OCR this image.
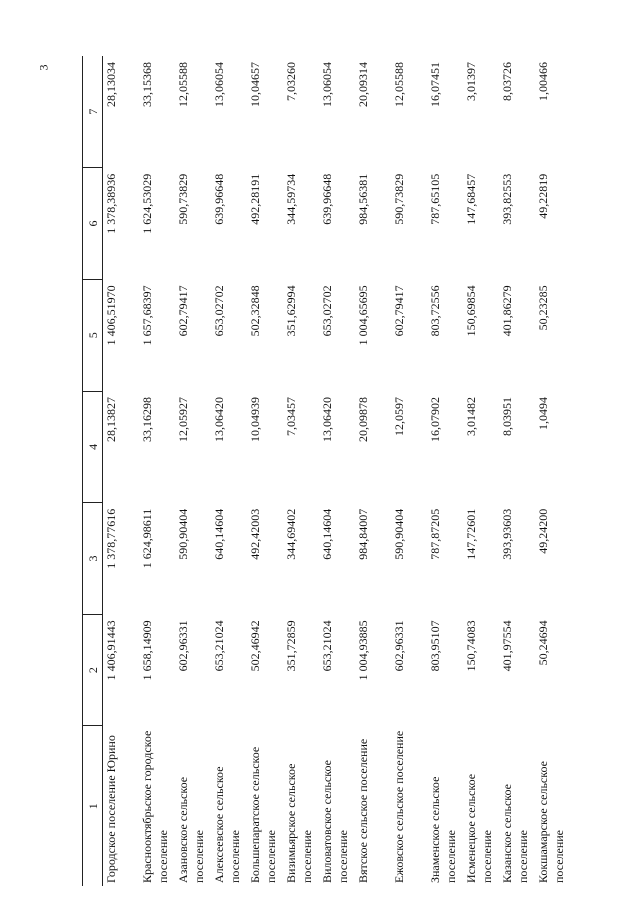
3
1	2	3	4	5	6	7
Городское поселение Юрино	1 406,91443	1 378,77616	28,13827	1 406,51970	1 378,38936	28,13034
Красноoктябрьское городское поселение	1 658,14909	1 624,98611	33,16298	1 657,68397	1 624,53029	33,15368
Азановское сельское поселение	602,96331	590,90404	12,05927	602,79417	590,73829	12,05588
Алексеевское сельское поселение	653,21024	640,14604	13,06420	653,02702	639,96648	13,06054
Большепаратское сельское поселение	502,46942	492,42003	10,04939	502,32848	492,28191	10,04657
Визимьярское сельское поселение	351,72859	344,69402	7,03457	351,62994	344,59734	7,03260
Виловатовское сельское поселение	653,21024	640,14604	13,06420	653,02702	639,96648	13,06054
Вятское сельское поселение	1 004,93885	984,84007	20,09878	1 004,65695	984,56381	20,09314
Ежовское сельское поселение	602,96331	590,90404	12,0597	602,79417	590,73829	12,05588
Знаменское сельское поселение	803,95107	787,87205	16,07902	803,72556	787,65105	16,07451
Исменецкое сельское поселение	150,74083	147,72601	3,01482	150,69854	147,68457	3,01397
Казанское сельское поселение	401,97554	393,93603	8,03951	401,86279	393,82553	8,03726
Кокшамарское сельское поселение	50,24694	49,24200	1,0494	50,23285	49,22819	1,00466
